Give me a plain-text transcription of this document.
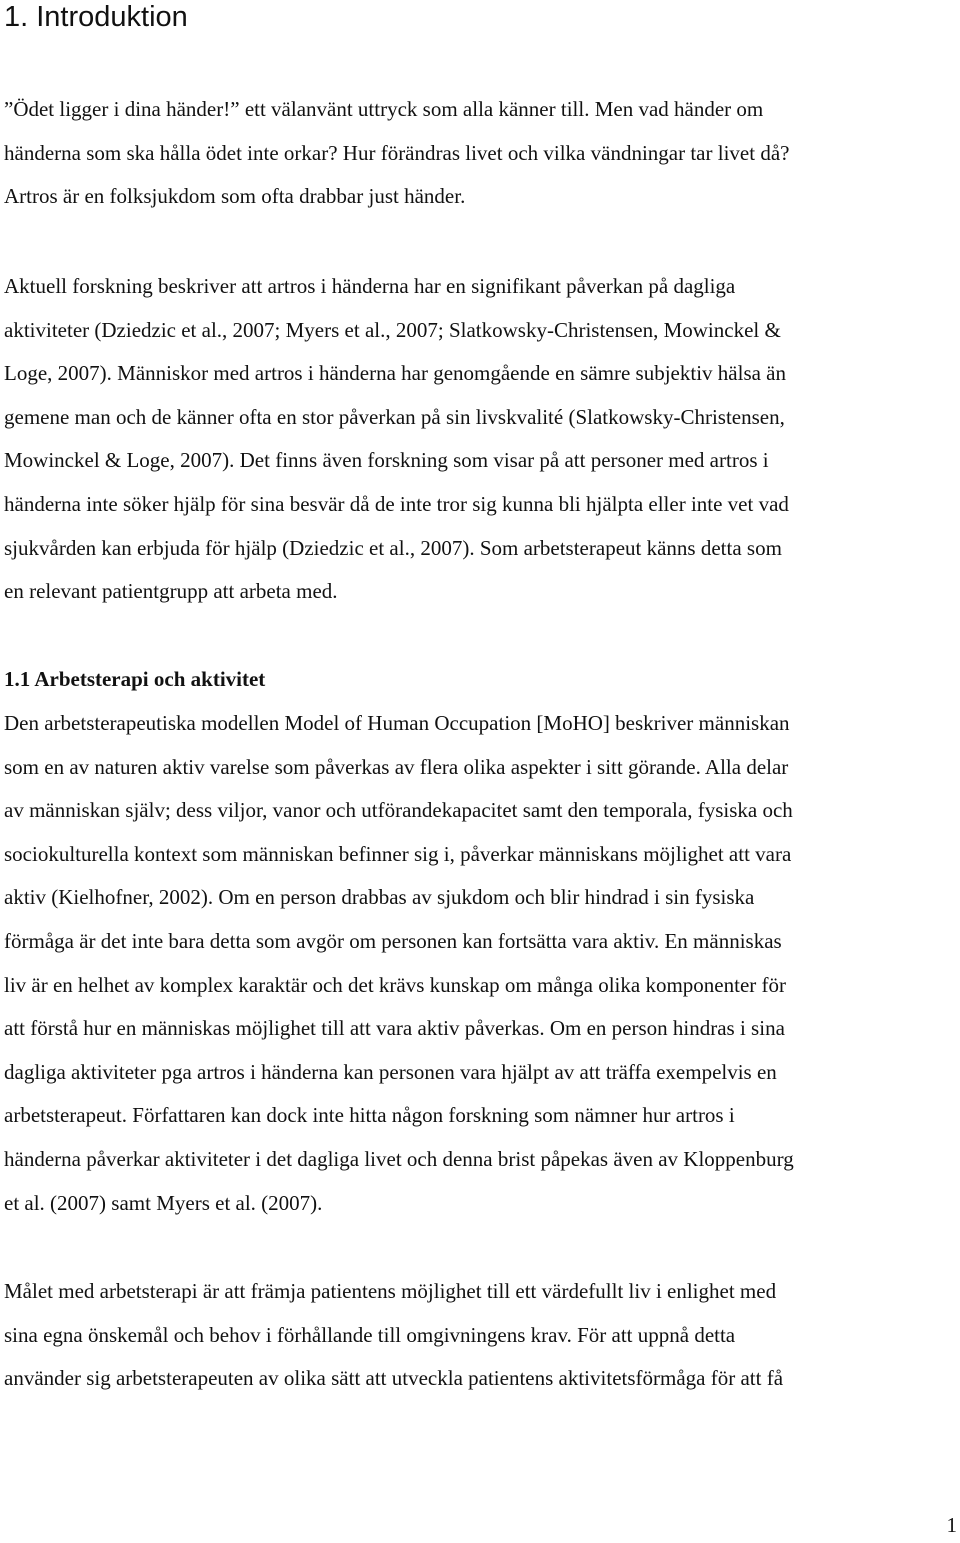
1. Introduktion
”Ödet ligger i dina händer!” ett välanvänt uttryck som alla känner till. Men vad händer om
händerna som ska hålla ödet inte orkar? Hur förändras livet och vilka vändningar tar livet då?
Artros är en folksjukdom som ofta drabbar just händer.
Aktuell forskning beskriver att artros i händerna har en signifikant påverkan på dagliga
aktiviteter (Dziedzic et al., 2007; Myers et al., 2007; Slatkowsky-Christensen, Mowinckel &
Loge, 2007). Människor med artros i händerna har genomgående en sämre subjektiv hälsa än
gemene man och de känner ofta en stor påverkan på sin livskvalité (Slatkowsky-Christensen,
Mowinckel & Loge, 2007). Det finns även forskning som visar på att personer med artros i
händerna inte söker hjälp för sina besvär då de inte tror sig kunna bli hjälpta eller inte vet vad
sjukvården kan erbjuda för hjälp (Dziedzic et al., 2007). Som arbetsterapeut känns detta som
en relevant patientgrupp att arbeta med.
1.1 Arbetsterapi och aktivitet
Den arbetsterapeutiska modellen Model of Human Occupation [MoHO] beskriver människan
som en av naturen aktiv varelse som påverkas av flera olika aspekter i sitt görande. Alla delar
av människan själv; dess viljor, vanor och utförandekapacitet samt den temporala, fysiska och
sociokulturella kontext som människan befinner sig i, påverkar människans möjlighet att vara
aktiv (Kielhofner, 2002). Om en person drabbas av sjukdom och blir hindrad i sin fysiska
förmåga är det inte bara detta som avgör om personen kan fortsätta vara aktiv. En människas
liv är en helhet av komplex karaktär och det krävs kunskap om många olika komponenter för
att förstå hur en människas möjlighet till att vara aktiv påverkas. Om en person hindras i sina
dagliga aktiviteter pga artros i händerna kan personen vara hjälpt av att träffa exempelvis en
arbetsterapeut. Författaren kan dock inte hitta någon forskning som nämner hur artros i
händerna påverkar aktiviteter i det dagliga livet och denna brist påpekas även av Kloppenburg
et al. (2007) samt Myers et al. (2007).
Målet med arbetsterapi är att främja patientens möjlighet till ett värdefullt liv i enlighet med
sina egna önskemål och behov i förhållande till omgivningens krav. För att uppnå detta
använder sig arbetsterapeuten av olika sätt att utveckla patientens aktivitetsförmåga för att få
1
